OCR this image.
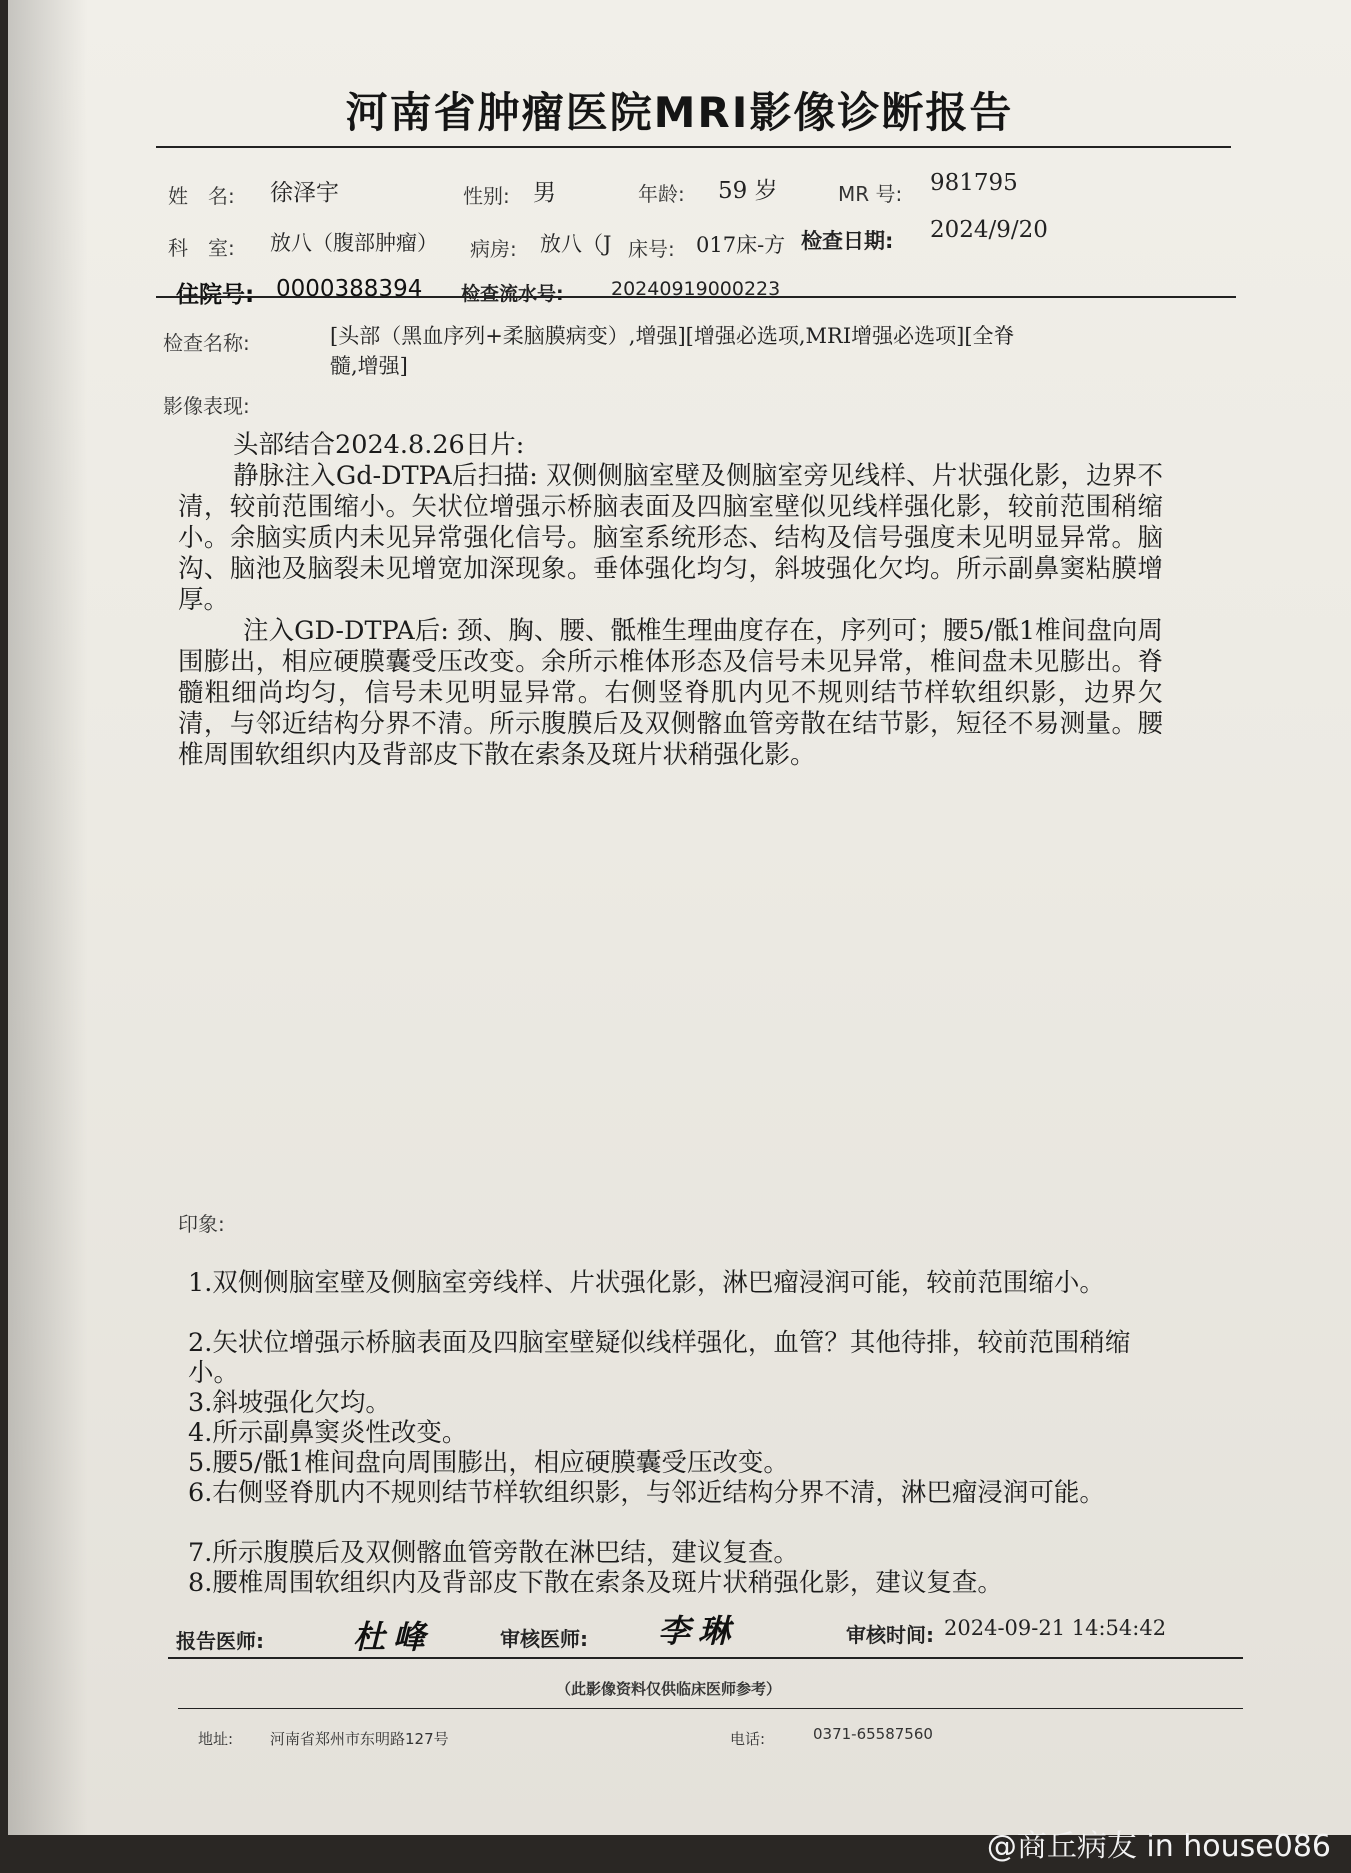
河南省肿瘤医院MRI影像诊断报告
姓　名: 徐泽宇	性别: 男	年龄: 59 岁	MR 号: 981795
科　室: 放八（腹部肿瘤） 病房: 放八（J 床号: 017床-方 检查日期: 2024/9/20
住院号: 0000388394 检查流水号: 20240919000223
检查名称:	[头部（黑血序列+柔脑膜病变）,增强][增强必选项,MRI增强必选项][全脊
髓,增强]
影像表现:
头部结合2024.8.26日片:
静脉注入Gd-DTPA后扫描: 双侧侧脑室壁及侧脑室旁见线样、片状强化影，边界不清，较前范围缩小。矢状位增强示桥脑表面及四脑室壁似见线样强化影，较前范围稍缩小。余脑实质内未见异常强化信号。脑室系统形态、结构及信号强度未见明显异常。脑沟、脑池及脑裂未见增宽加深现象。垂体强化均匀，斜坡强化欠均。所示副鼻窦粘膜增厚。
注入GD-DTPA后: 颈、胸、腰、骶椎生理曲度存在，序列可；腰5/骶1椎间盘向周围膨出，相应硬膜囊受压改变。余所示椎体形态及信号未见异常，椎间盘未见膨出。脊髓粗细尚均匀，信号未见明显异常。右侧竖脊肌内见不规则结节样软组织影，边界欠清，与邻近结构分界不清。所示腹膜后及双侧髂血管旁散在结节影，短径不易测量。腰椎周围软组织内及背部皮下散在索条及斑片状稍强化影。
印象:
1.双侧侧脑室壁及侧脑室旁线样、片状强化影，淋巴瘤浸润可能，较前范围缩小。
2.矢状位增强示桥脑表面及四脑室壁疑似线样强化，血管？其他待排，较前范围稍缩小。
3.斜坡强化欠均。
4.所示副鼻窦炎性改变。
5.腰5/骶1椎间盘向周围膨出，相应硬膜囊受压改变。
6.右侧竖脊肌内不规则结节样软组织影，与邻近结构分界不清，淋巴瘤浸润可能。
7.所示腹膜后及双侧髂血管旁散在淋巴结，建议复查。
8.腰椎周围软组织内及背部皮下散在索条及斑片状稍强化影，建议复查。
报告医师:	杜峰	审核医师: 李琳	审核时间: 2024-09-21 14:54:42
（此影像资料仅供临床医师参考）
地址: 河南省郑州市东明路127号	电话:	0371-65587560
@商丘病友 in house086
